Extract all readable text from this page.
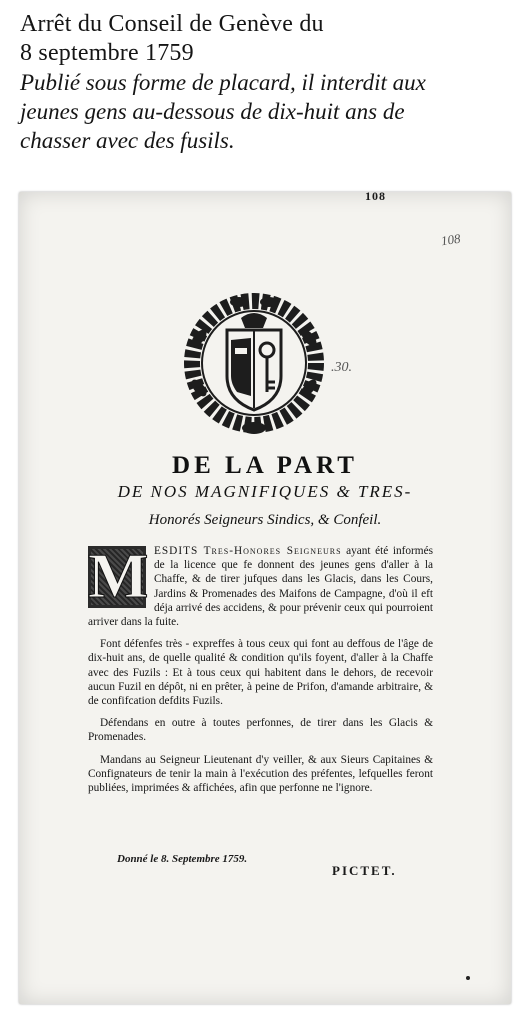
Arrêt du Conseil de Genève du
8 septembre 1759
Publié sous forme de placard, il interdit aux
jeunes gens au-dessous de dix-huit ans de
chasser avec des fusils.
108
108
.30.
DE LA PART
DE NOS MAGNIFIQUES & TRES-
Honorés Seigneurs Sindics, & Confeil.
M ESDITS Tres-Honores Seigneurs ayant été informés de la licence que fe donnent des jeunes gens d'aller à la Chaffe, & de tirer jufques dans les Glacis, dans les Cours, Jardins & Promenades des Maifons de Campagne, d'où il eft déja arrivé des accidens, & pour prévenir ceux qui pourroient arriver dans la fuite.
Font défenfes très - expreffes à tous ceux qui font au deffous de l'âge de dix-huit ans, de quelle qualité & condition qu'ils foyent, d'aller à la Chaffe avec des Fuzils : Et à tous ceux qui habitent dans le dehors, de recevoir aucun Fuzil en dépôt, ni en prêter, à peine de Prifon, d'amande arbitraire, & de confifcation defdits Fuzils.
Défendans en outre à toutes perfonnes, de tirer dans les Glacis & Promenades.
Mandans au Seigneur Lieutenant d'y veiller, & aux Sieurs Capitaines & Confignateurs de tenir la main à l'exécution des préfentes, lefquelles feront publiées, imprimées & affichées, afin que perfonne ne l'ignore.
Donné le 8. Septembre 1759.
PICTET.
